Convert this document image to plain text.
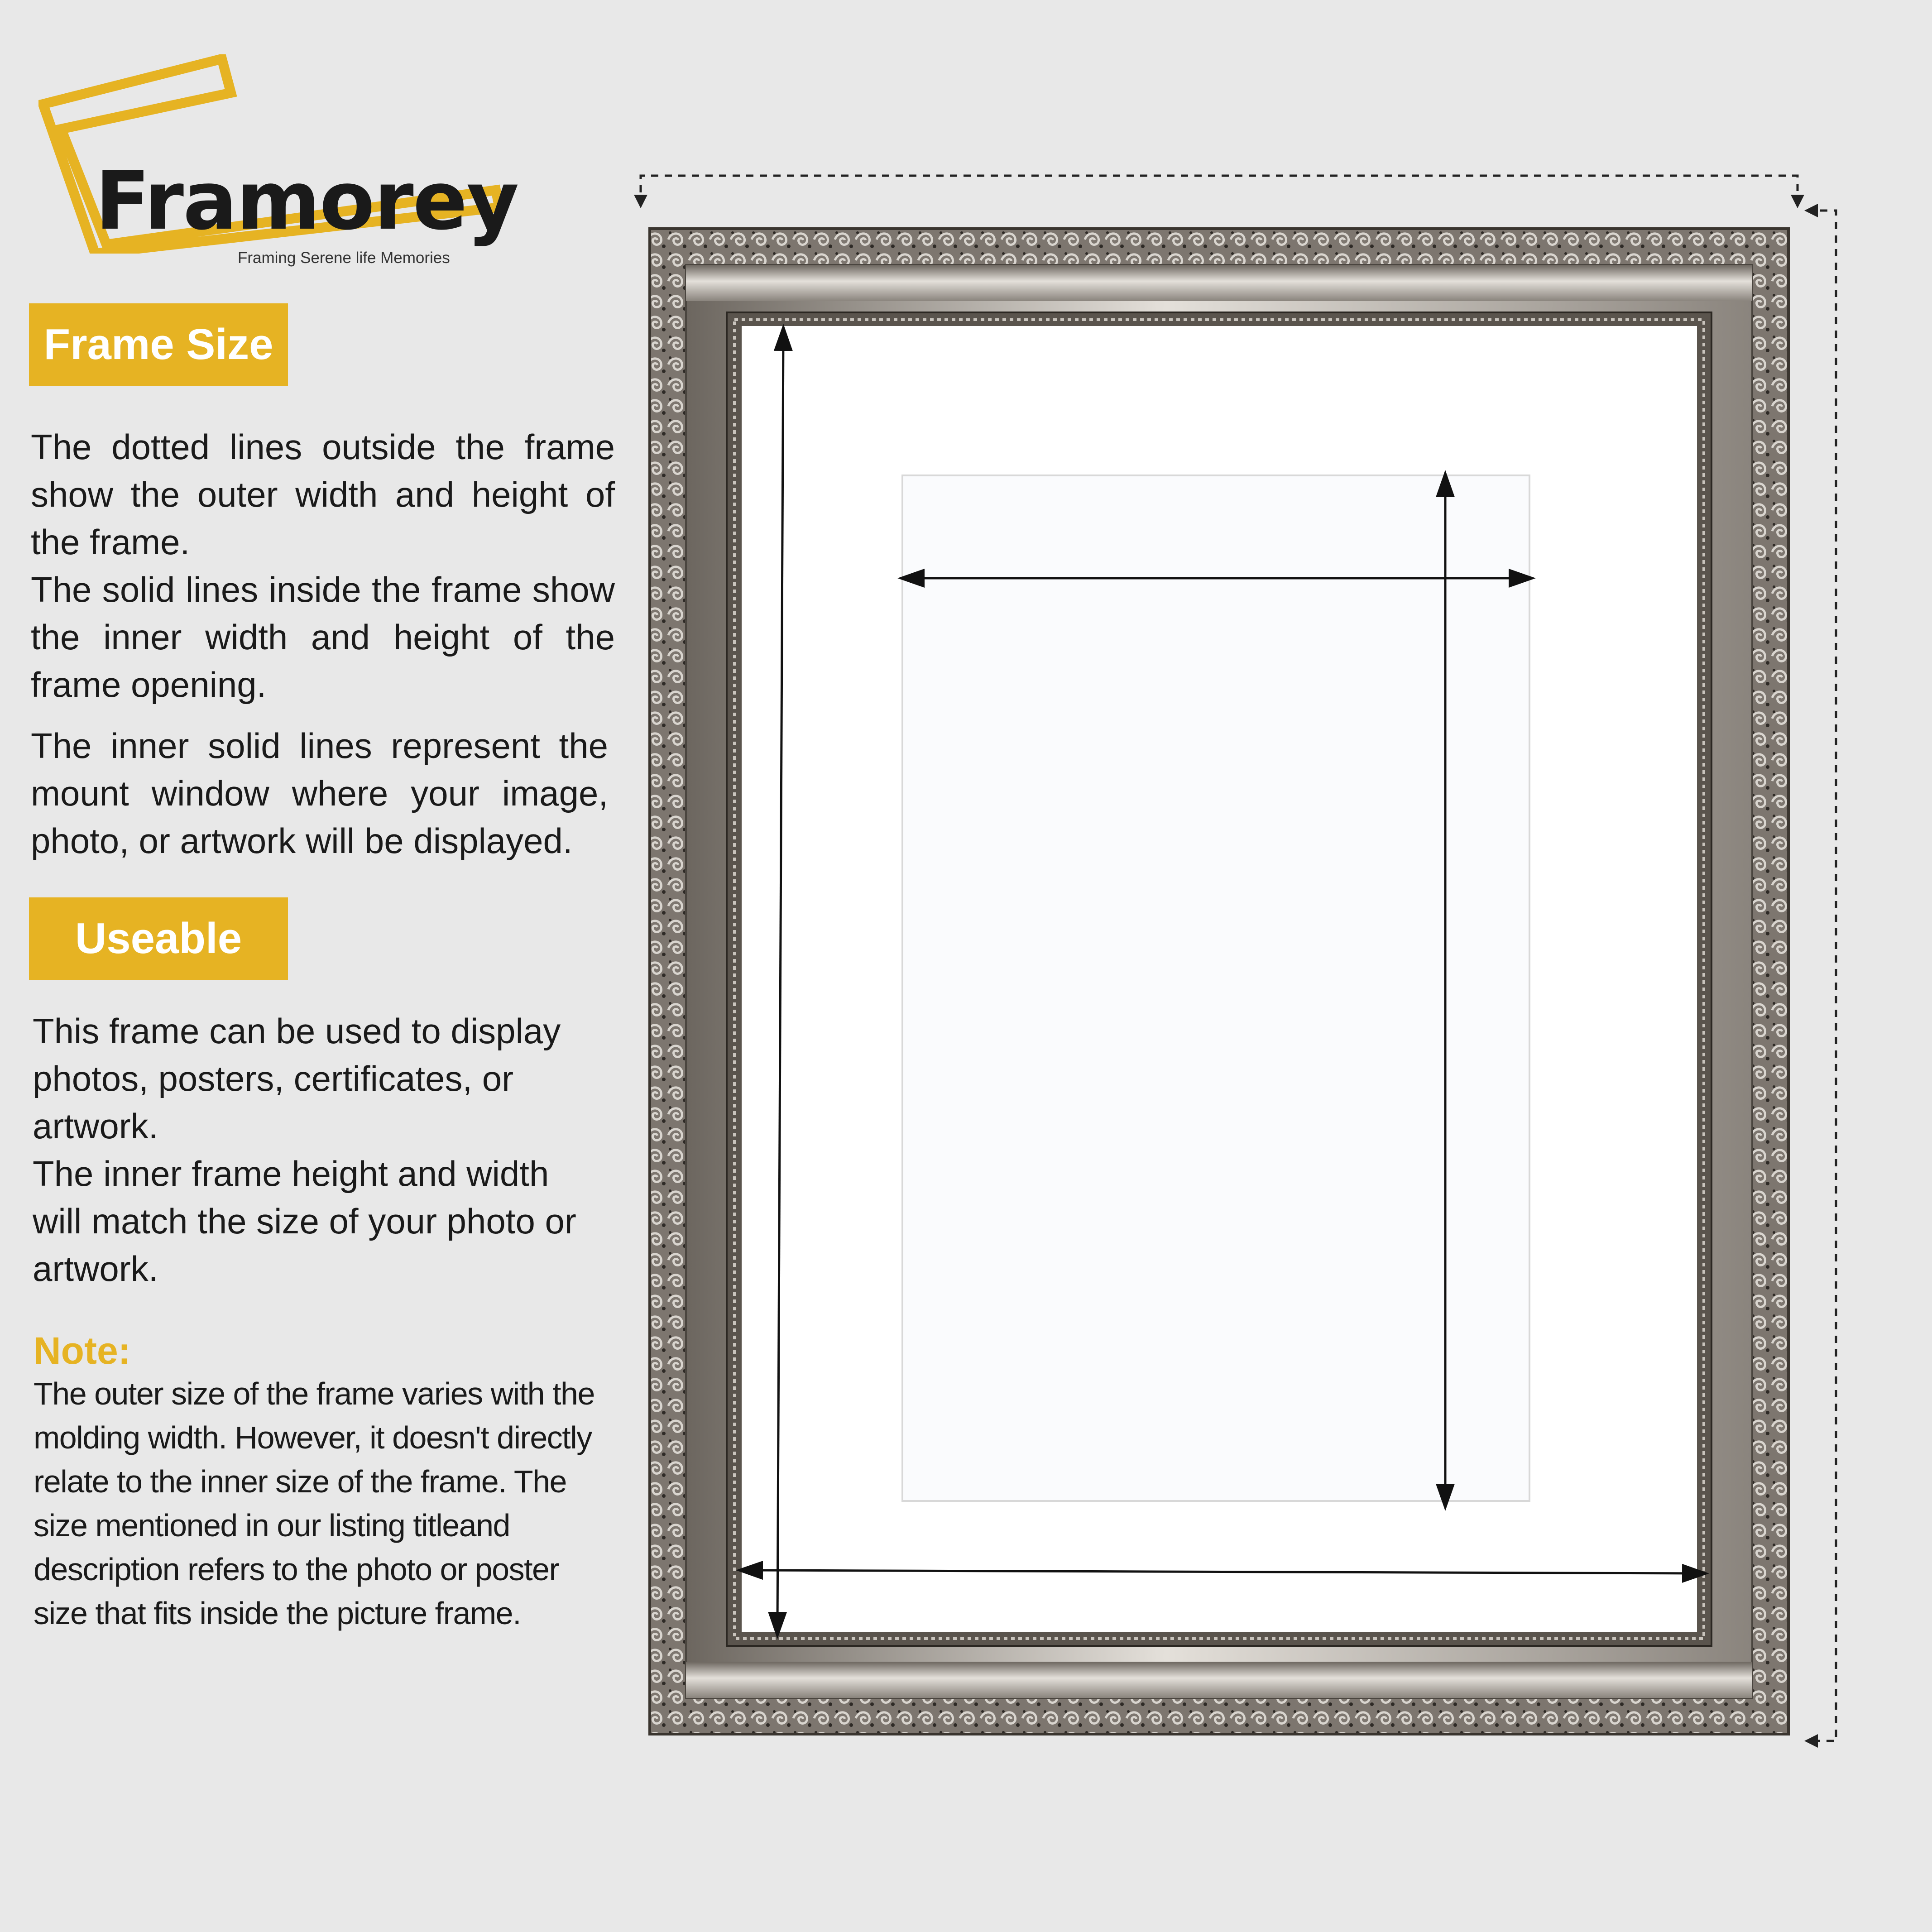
Framorey
Framing Serene life Memories
Frame Size

The dotted lines outside the frame show the outer width and height of the frame.

The solid lines inside the frame show the inner width and height of the frame opening.

The inner solid lines represent the mount window where your image, photo, or artwork will be displayed.

Useable

This frame can be used to display photos, posters, certificates, or artwork.

The inner frame height and width will match the size of your photo or artwork.

Note:
The outer size of the frame varies with the molding width. However, it doesn't directly relate to the inner size of the frame. The size mentioned in our listing titleand description refers to the photo or poster size that fits inside the picture frame.
